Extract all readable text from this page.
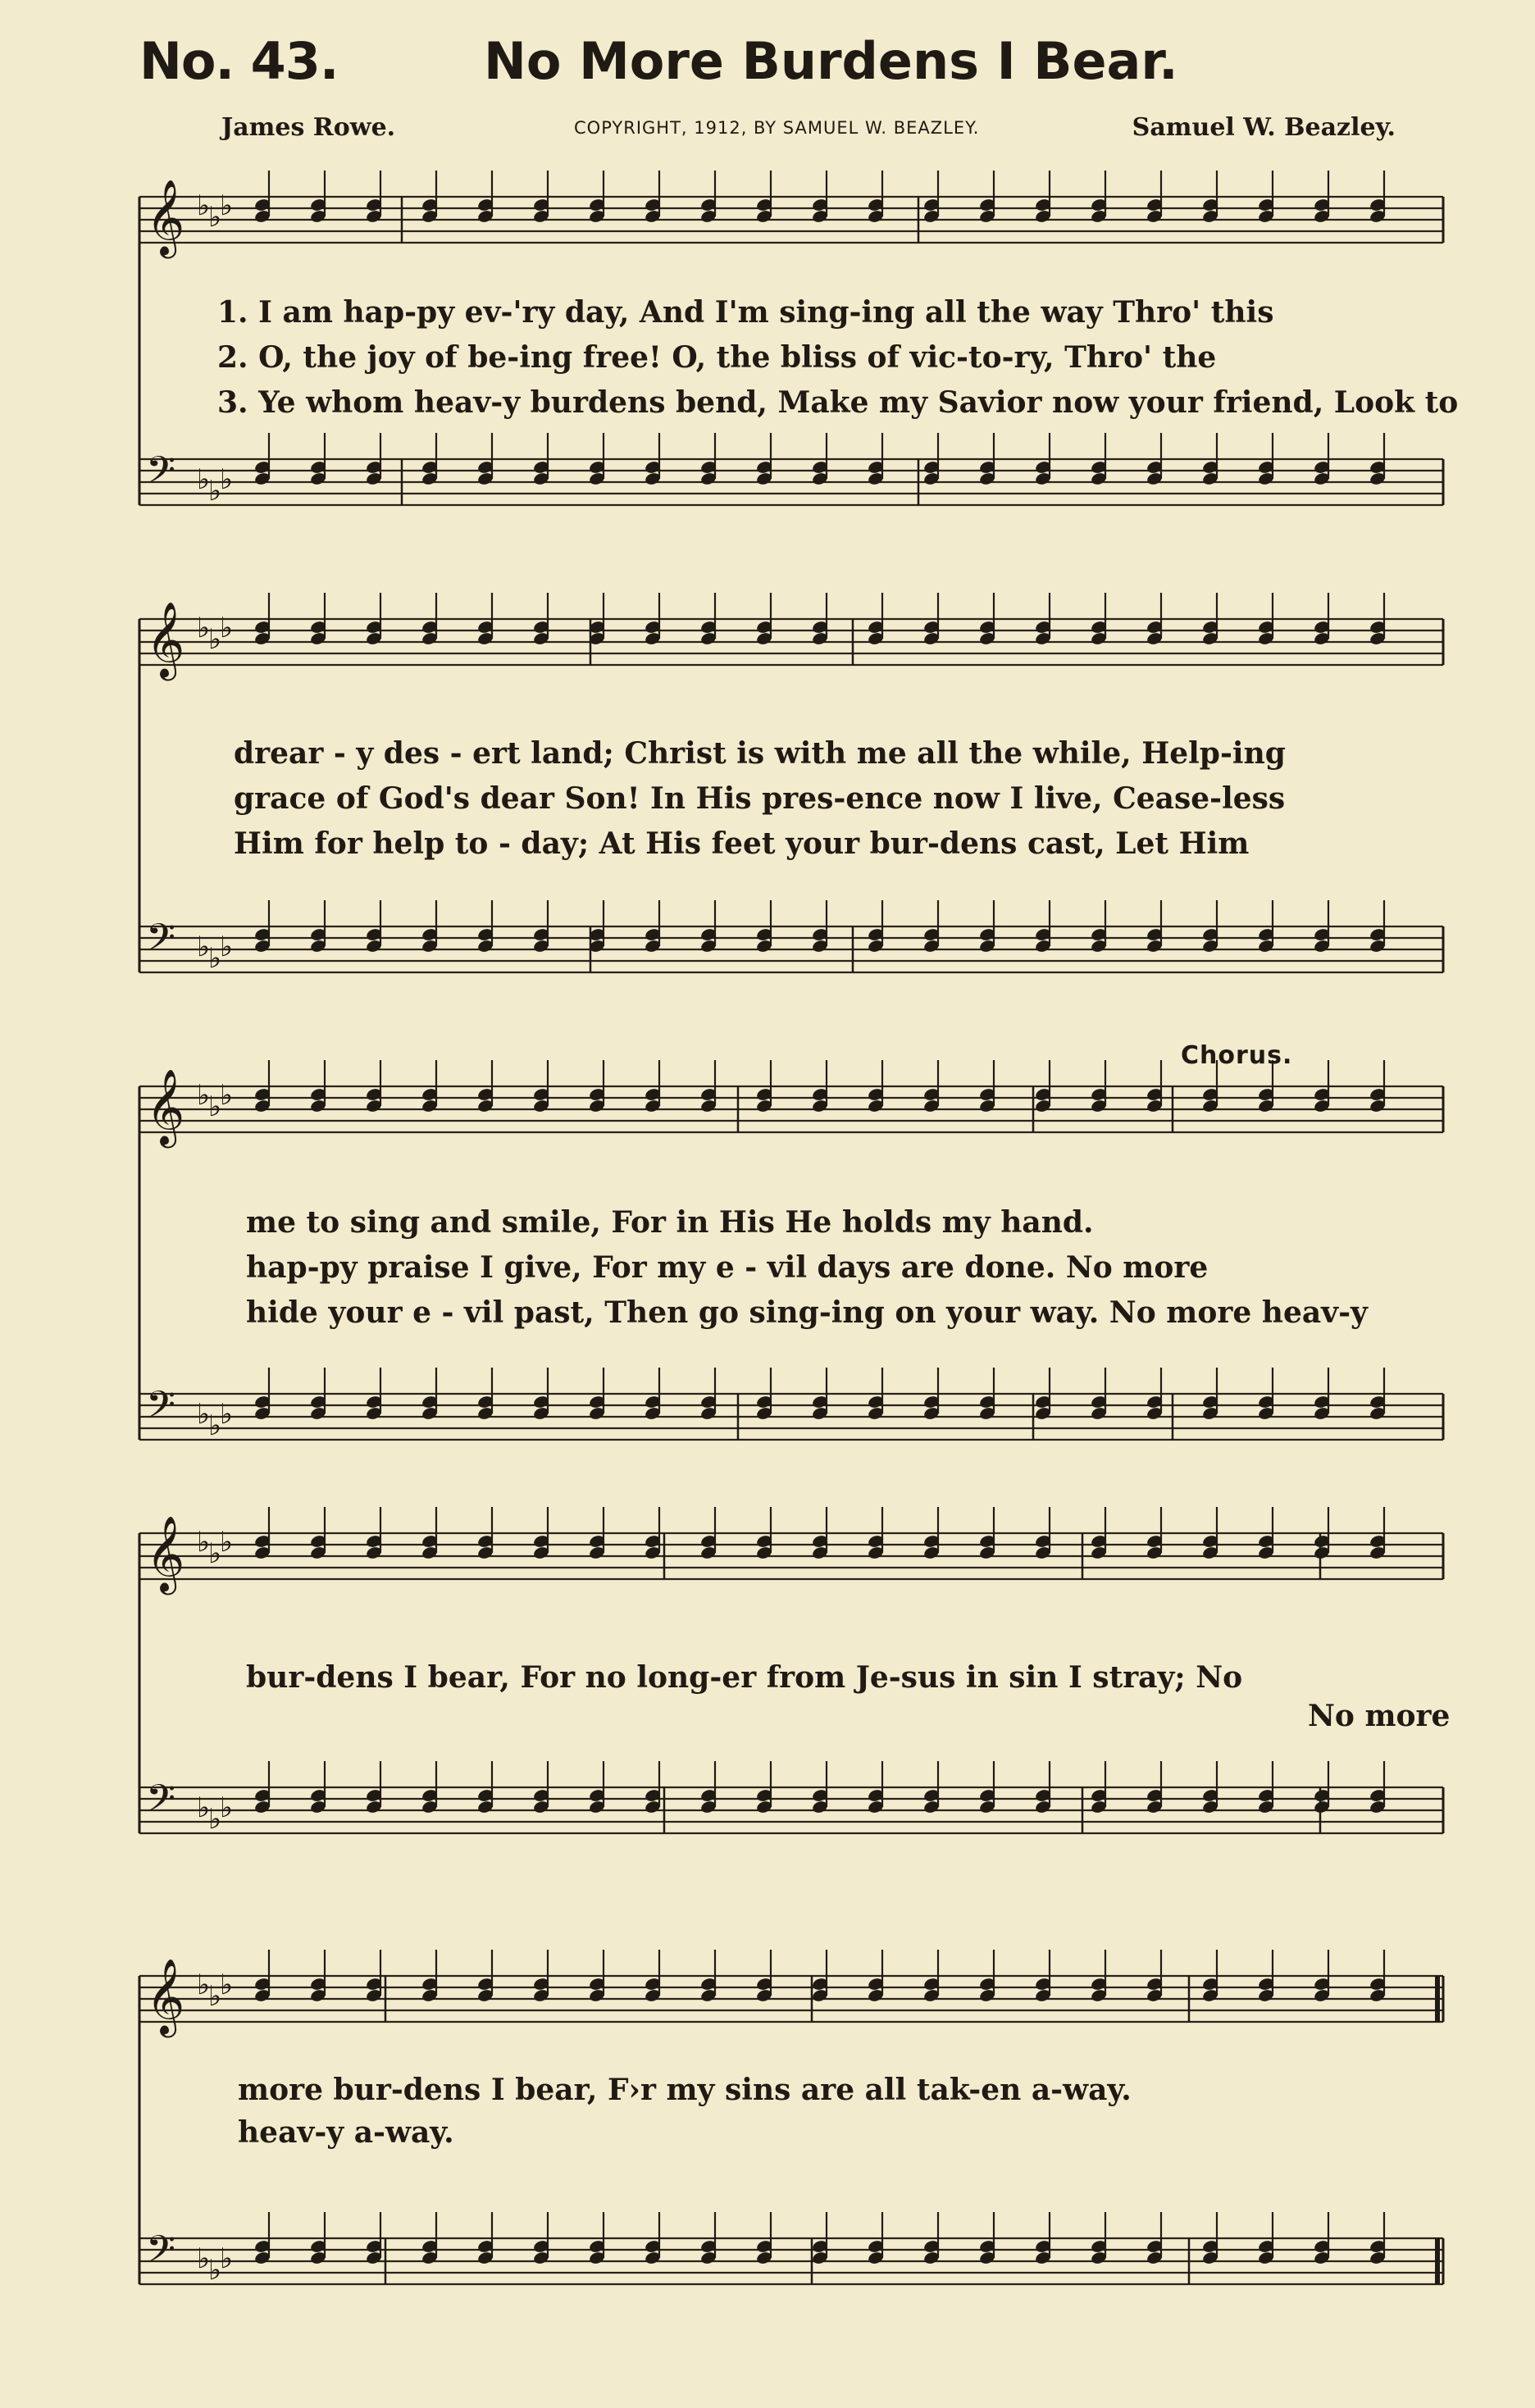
No. 43.	No More Burdens I Bear.
James Rowe.	COPYRIGHT, 1912, BY SAMUEL W. BEAZLEY.	Samuel W. Beazley.
𝄞 ♭
♭
♭
𝄢 ♭
♭
♭
1. I am hap-py ev-'ry day, And I'm sing-ing all the way Thro' this
2. O, the joy of be-ing free! O, the bliss of vic-to-ry, Thro' the
3. Ye whom heav-y burdens bend, Make my Savior now your friend, Look to
𝄞 ♭
♭
♭
𝄢 ♭
♭
♭
drear - y des - ert land; Christ is with me all the while, Help-ing
grace of God's dear Son! In His pres-ence now I live, Cease-less
Him for help to - day; At His feet your bur-dens cast, Let Him
Chorus.
𝄞 ♭
♭
♭
𝄢 ♭
♭
♭
me to sing and smile, For in His He holds my hand.
hap-py praise I give, For my e - vil days are done. No more
hide your e - vil past, Then go sing-ing on your way. No more heav-y
𝄞 ♭
♭
♭
𝄢 ♭
♭
♭
bur-dens I bear, For no long-er from Je-sus in sin I stray; No
No more
𝄞 ♭
♭
♭
𝄢 ♭
♭
♭
more bur-dens I bear, F›r my sins are all tak-en a-way.
heav-y a-way.
